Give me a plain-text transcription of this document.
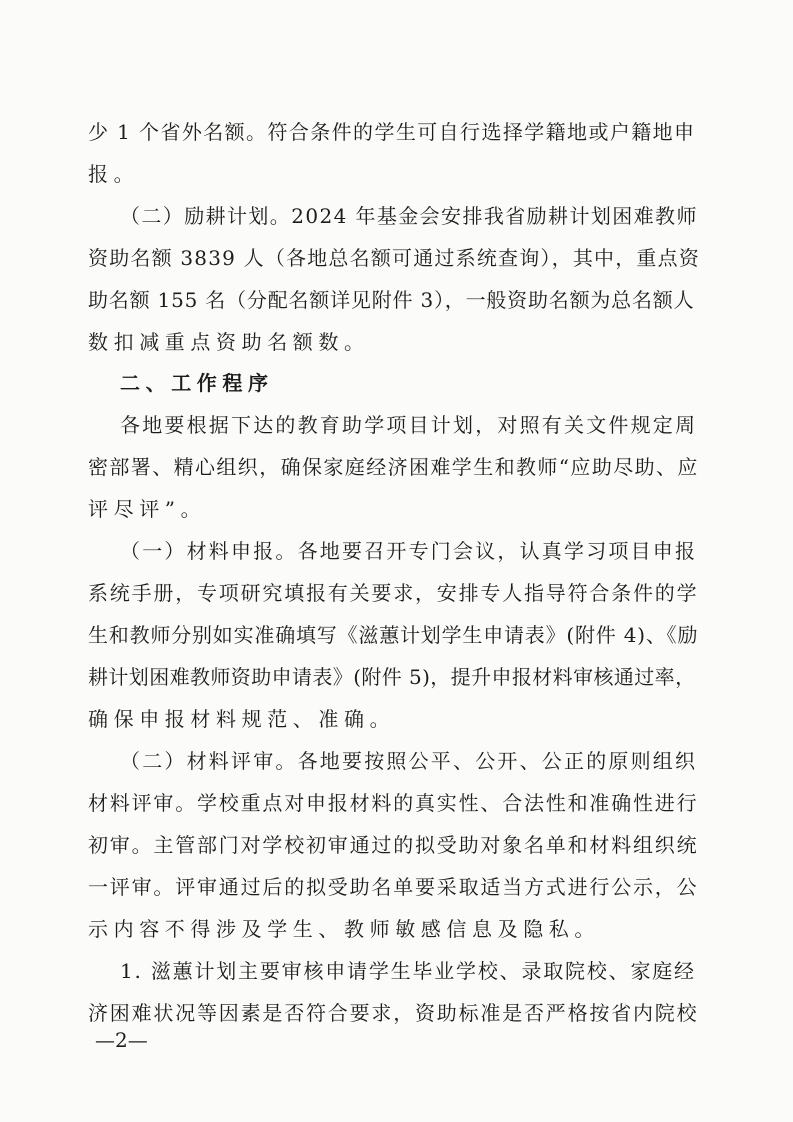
少 1 个省外名额。符合条件的学生可自行选择学籍地或户籍地申
报。
（二）励耕计划。2024 年基金会安排我省励耕计划困难教师
资助名额 3839 人（各地总名额可通过系统查询），其中，重点资
助名额 155 名（分配名额详见附件 3），一般资助名额为总名额人
数扣减重点资助名额数。
二、工作程序
各地要根据下达的教育助学项目计划，对照有关文件规定周
密部署、精心组织，确保家庭经济困难学生和教师“应助尽助、应
评尽评”。
（一）材料申报。各地要召开专门会议，认真学习项目申报
系统手册，专项研究填报有关要求，安排专人指导符合条件的学
生和教师分别如实准确填写《滋蕙计划学生申请表》(附件 4)、《励
耕计划困难教师资助申请表》(附件 5)，提升申报材料审核通过率，
确保申报材料规范、准确。
（二）材料评审。各地要按照公平、公开、公正的原则组织
材料评审。学校重点对申报材料的真实性、合法性和准确性进行
初审。主管部门对学校初审通过的拟受助对象名单和材料组织统
一评审。评审通过后的拟受助名单要采取适当方式进行公示，公
示内容不得涉及学生、教师敏感信息及隐私。
1. 滋蕙计划主要审核申请学生毕业学校、录取院校、家庭经
济困难状况等因素是否符合要求，资助标准是否严格按省内院校
—2—
